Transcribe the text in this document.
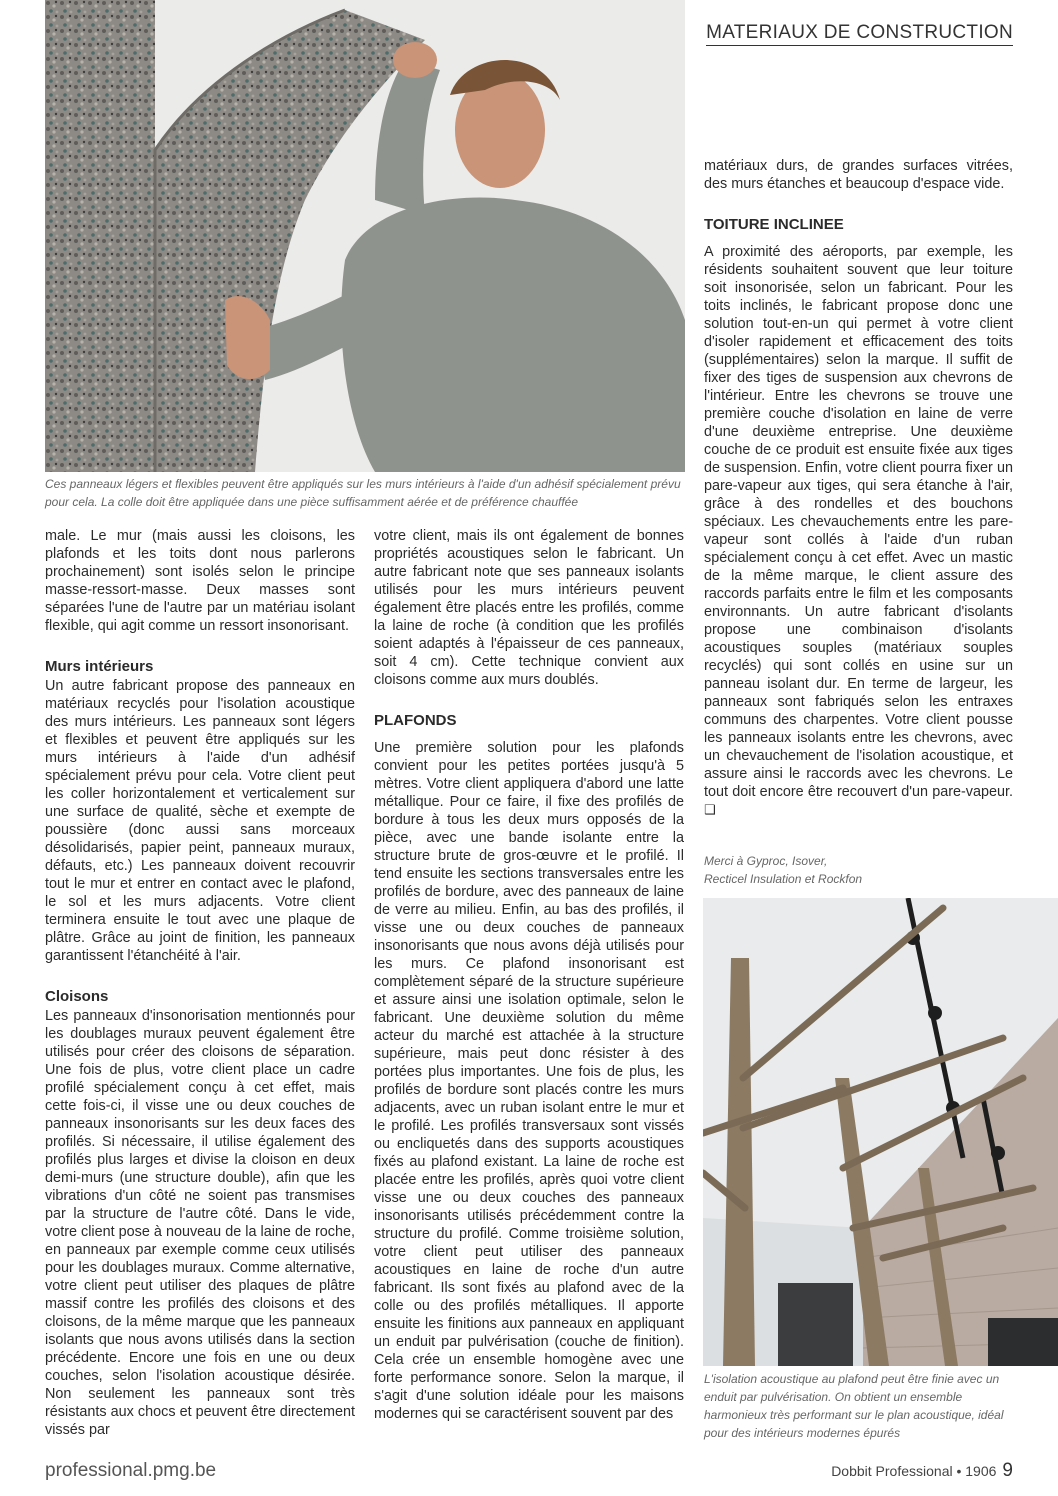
MATERIAUX DE CONSTRUCTION
Ces panneaux légers et flexibles peuvent être appliqués sur les murs intérieurs à l'aide d'un adhésif spécialement prévu pour cela. La colle doit être appliquée dans une pièce suffisamment aérée et de préférence chauffée

male. Le mur (mais aussi les cloisons, les plafonds et les toits dont nous parlerons prochainement) sont isolés selon le principe masse-ressort-masse. Deux masses sont séparées l'une de l'autre par un matériau isolant flexible, qui agit comme un ressort insonorisant.

Murs intérieurs

Un autre fabricant propose des panneaux en matériaux recyclés pour l'isolation acoustique des murs intérieurs. Les panneaux sont légers et flexibles et peuvent être appliqués sur les murs intérieurs à l'aide d'un adhésif spécialement prévu pour cela. Votre client peut les coller horizontalement et verticalement sur une surface de qualité, sèche et exempte de poussière (donc aussi sans morceaux désolidarisés, papier peint, panneaux muraux, défauts, etc.) Les panneaux doivent recouvrir tout le mur et entrer en contact avec le plafond, le sol et les murs adjacents. Votre client terminera ensuite le tout avec une plaque de plâtre. Grâce au joint de finition, les panneaux garantissent l'étanchéité à l'air.

Cloisons

Les panneaux d'insonorisation mentionnés pour les doublages muraux peuvent également être utilisés pour créer des cloisons de séparation. Une fois de plus, votre client place un cadre profilé spécialement conçu à cet effet, mais cette fois-ci, il visse une ou deux couches de panneaux insonorisants sur les deux faces des profilés. Si nécessaire, il utilise également des profilés plus larges et divise la cloison en deux demi-murs (une structure double), afin que les vibrations d'un côté ne soient pas transmises par la structure de l'autre côté. Dans le vide, votre client pose à nouveau de la laine de roche, en panneaux par exemple comme ceux utilisés pour les doublages muraux. Comme alternative, votre client peut utiliser des plaques de plâtre massif contre les profilés des cloisons et des cloisons, de la même marque que les panneaux isolants que nous avons utilisés dans la section précédente. Encore une fois en une ou deux couches, selon l'isolation acoustique désirée. Non seulement les panneaux sont très résistants aux chocs et peuvent être directement vissés par

votre client, mais ils ont également de bonnes propriétés acoustiques selon le fabricant. Un autre fabricant note que ses panneaux isolants utilisés pour les murs intérieurs peuvent également être placés entre les profilés, comme la laine de roche (à condition que les profilés soient adaptés à l'épaisseur de ces panneaux, soit 4 cm). Cette technique convient aux cloisons comme aux murs doublés.

PLAFONDS

Une première solution pour les plafonds convient pour les petites portées jusqu'à 5 mètres. Votre client appliquera d'abord une latte métallique. Pour ce faire, il fixe des profilés de bordure à tous les deux murs opposés de la pièce, avec une bande isolante entre la structure brute de gros-œuvre et le profilé. Il tend ensuite les sections transversales entre les profilés de bordure, avec des panneaux de laine de verre au milieu. Enfin, au bas des profilés, il visse une ou deux couches de panneaux insonorisants que nous avons déjà utilisés pour les murs. Ce plafond insonorisant est complètement séparé de la structure supérieure et assure ainsi une isolation optimale, selon le fabricant. Une deuxième solution du même acteur du marché est attachée à la structure supérieure, mais peut donc résister à des portées plus importantes. Une fois de plus, les profilés de bordure sont placés contre les murs adjacents, avec un ruban isolant entre le mur et le profilé. Les profilés transversaux sont vissés ou encliquetés dans des supports acoustiques fixés au plafond existant. La laine de roche est placée entre les profilés, après quoi votre client visse une ou deux couches des panneaux insonorisants utilisés précédemment contre la structure du profilé. Comme troisième solution, votre client peut utiliser des panneaux acoustiques en laine de roche d'un autre fabricant. Ils sont fixés au plafond avec de la colle ou des profilés métalliques. Il apporte ensuite les finitions aux panneaux en appliquant un enduit par pulvérisation (couche de finition). Cela crée un ensemble homogène avec une forte performance sonore. Selon la marque, il s'agit d'une solution idéale pour les maisons modernes qui se caractérisent souvent par des

matériaux durs, de grandes surfaces vitrées, des murs étanches et beaucoup d'espace vide.

TOITURE INCLINEE

A proximité des aéroports, par exemple, les résidents souhaitent souvent que leur toiture soit insonorisée, selon un fabricant. Pour les toits inclinés, le fabricant propose donc une solution tout-en-un qui permet à votre client d'isoler rapidement et efficacement des toits (supplémentaires) selon la marque. Il suffit de fixer des tiges de suspension aux chevrons de l'intérieur. Entre les chevrons se trouve une première couche d'isolation en laine de verre d'une deuxième entreprise. Une deuxième couche de ce produit est ensuite fixée aux tiges de suspension. Enfin, votre client pourra fixer un pare-vapeur aux tiges, qui sera étanche à l'air, grâce à des rondelles et des bouchons spéciaux. Les chevauchements entre les pare-vapeur sont collés à l'aide d'un ruban spécialement conçu à cet effet. Avec un mastic de la même marque, le client assure des raccords parfaits entre le film et les composants environnants. Un autre fabricant d'isolants propose une combinaison d'isolants acoustiques souples (matériaux souples recyclés) qui sont collés en usine sur un panneau isolant dur. En terme de largeur, les panneaux sont fabriqués selon les entraxes communs des charpentes. Votre client pousse les panneaux isolants entre les chevrons, avec un chevauchement de l'isolation acoustique, et assure ainsi le raccords avec les chevrons. Le tout doit encore être recouvert d'un pare-vapeur. ❑

Merci à Gyproc, Isover,
Recticel Insulation et Rockfon
L'isolation acoustique au plafond peut être finie avec un enduit par pulvérisation. On obtient un ensemble harmonieux très performant sur le plan acoustique, idéal pour des intérieurs modernes épurés
professional.pmg.be	Dobbit Professional • 1906 9
